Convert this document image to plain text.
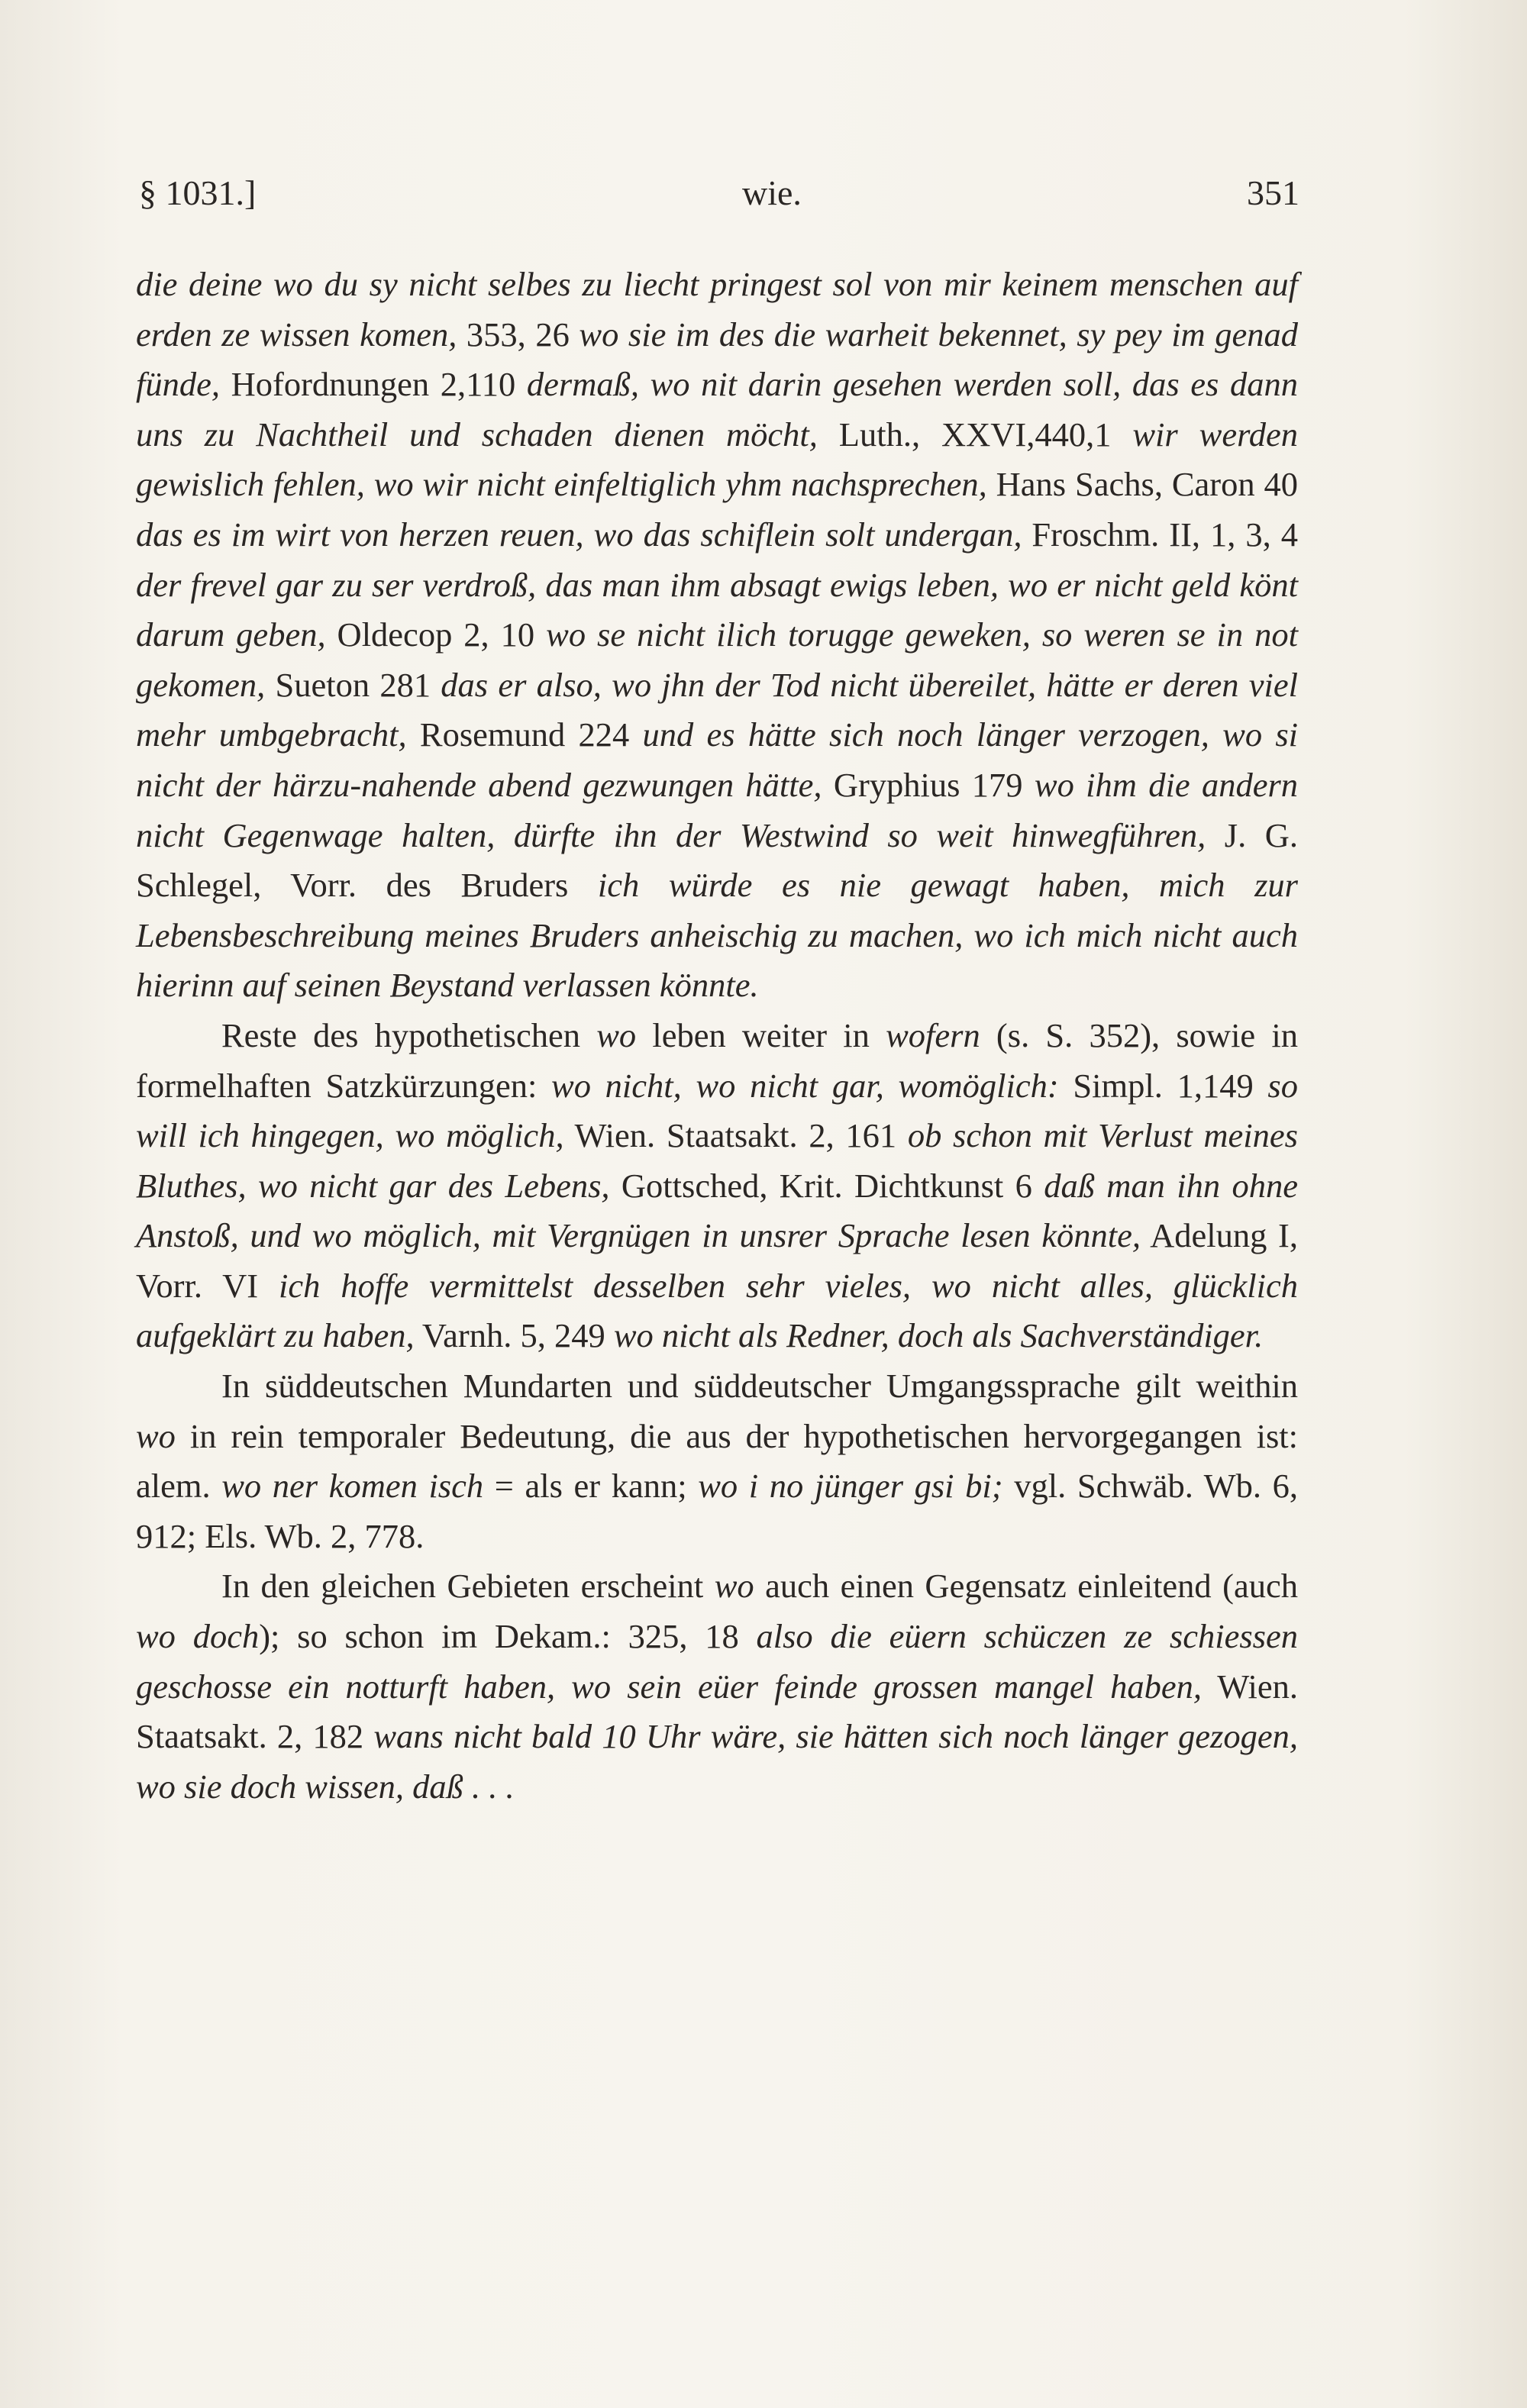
§ 1031.]	wie.	351

die deine wo du sy nicht selbes zu liecht pringest sol von mir keinem menschen auf erden ze wissen komen, 353, 26 wo sie im des die warheit bekennet, sy pey im genad fünde, Hofordnungen 2,110 dermaß, wo nit darin gesehen werden soll, das es dann uns zu Nachtheil und schaden dienen möcht, Luth., XXVI,440,1 wir werden gewislich fehlen, wo wir nicht einfeltiglich yhm nachsprechen, Hans Sachs, Caron 40 das es im wirt von herzen reuen, wo das schiflein solt undergan, Froschm. II, 1, 3, 4 der frevel gar zu ser verdroß, das man ihm absagt ewigs leben, wo er nicht geld könt darum geben, Oldecop 2, 10 wo se nicht ilich torugge geweken, so weren se in not gekomen, Sueton 281 das er also, wo jhn der Tod nicht übereilet, hätte er deren viel mehr umbgebracht, Rosemund 224 und es hätte sich noch länger verzogen, wo si nicht der härzu-nahende abend gezwungen hätte, Gryphius 179 wo ihm die andern nicht Gegenwage halten, dürfte ihn der Westwind so weit hinwegführen, J. G. Schlegel, Vorr. des Bruders ich würde es nie gewagt haben, mich zur Lebensbeschreibung meines Bruders anheischig zu machen, wo ich mich nicht auch hierinn auf seinen Beystand verlassen könnte.

Reste des hypothetischen wo leben weiter in wofern (s. S. 352), sowie in formelhaften Satzkürzungen: wo nicht, wo nicht gar, womöglich: Simpl. 1,149 so will ich hingegen, wo möglich, Wien. Staatsakt. 2, 161 ob schon mit Verlust meines Bluthes, wo nicht gar des Lebens, Gottsched, Krit. Dichtkunst 6 daß man ihn ohne Anstoß, und wo möglich, mit Vergnügen in unsrer Sprache lesen könnte, Adelung I, Vorr. VI ich hoffe vermittelst desselben sehr vieles, wo nicht alles, glücklich aufgeklärt zu haben, Varnh. 5, 249 wo nicht als Redner, doch als Sachverständiger.

In süddeutschen Mundarten und süddeutscher Umgangssprache gilt weithin wo in rein temporaler Bedeutung, die aus der hypothetischen hervorgegangen ist: alem. wo ner komen isch = als er kann; wo i no jünger gsi bi; vgl. Schwäb. Wb. 6, 912; Els. Wb. 2, 778.

In den gleichen Gebieten erscheint wo auch einen Gegensatz einleitend (auch wo doch); so schon im Dekam.: 325, 18 also die eüern schüczen ze schiessen geschosse ein notturft haben, wo sein eüer feinde grossen mangel haben, Wien. Staatsakt. 2, 182 wans nicht bald 10 Uhr wäre, sie hätten sich noch länger gezogen, wo sie doch wissen, daß . . .
